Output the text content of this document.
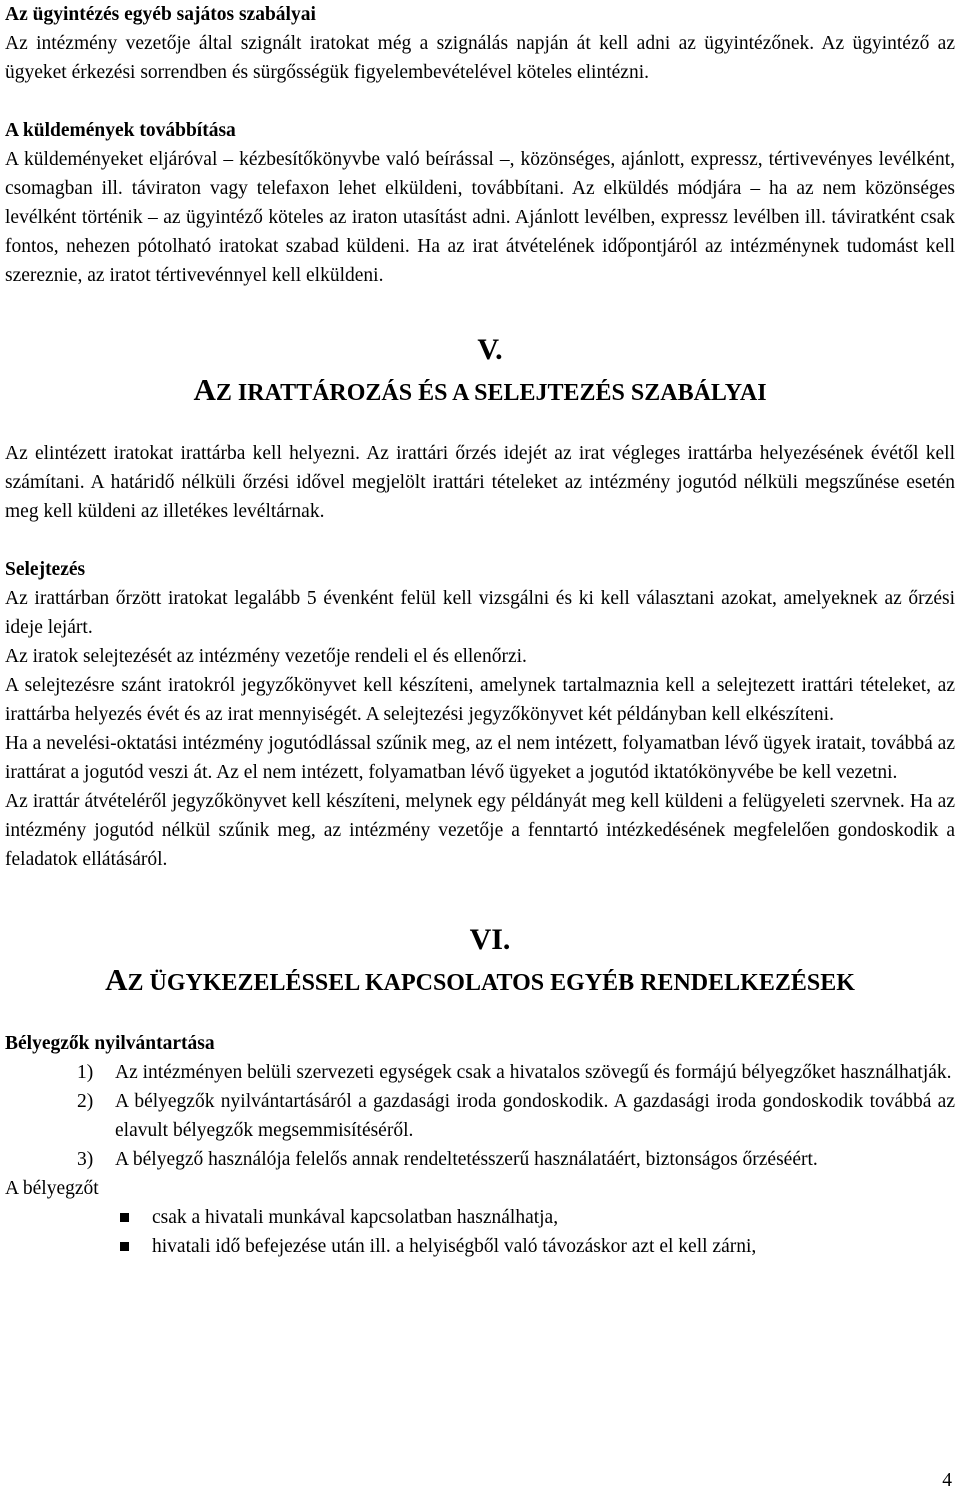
Az ügyintézés egyéb sajátos szabályai

Az intézmény vezetője által szignált iratokat még a szignálás napján át kell adni az ügyintézőnek. Az ügyintéző az ügyeket érkezési sorrendben és sürgősségük figyelembevételével köteles elintézni.

A küldemények továbbítása

A küldeményeket eljáróval – kézbesítőkönyvbe való beírással –, közönséges, ajánlott, expressz, tértivevényes levélként, csomagban ill. táviraton vagy telefaxon lehet elküldeni, továbbítani. Az elküldés módjára – ha az nem közönséges levélként történik – az ügyintéző köteles az iraton utasítást adni. Ajánlott levélben, expressz levélben ill. táviratként csak fontos, nehezen pótolható iratokat szabad küldeni. Ha az irat átvételének időpontjáról az intézménynek tudomást kell szereznie, az iratot tértivevénnyel kell elküldeni.

V.
AZ IRATTÁROZÁS ÉS A SELEJTEZÉS SZABÁLYAI

Az elintézett iratokat irattárba kell helyezni. Az irattári őrzés idejét az irat végleges irattárba helyezésének évétől kell számítani. A határidő nélküli őrzési idővel megjelölt irattári tételeket az intézmény jogutód nélküli megszűnése esetén meg kell küldeni az illetékes levéltárnak.

Selejtezés

Az irattárban őrzött iratokat legalább 5 évenként felül kell vizsgálni és ki kell választani azokat, amelyeknek az őrzési ideje lejárt.

Az iratok selejtezését az intézmény vezetője rendeli el és ellenőrzi.

A selejtezésre szánt iratokról jegyzőkönyvet kell készíteni, amelynek tartalmaznia kell a selejtezett irattári tételeket, az irattárba helyezés évét és az irat mennyiségét. A selejtezési jegyzőkönyvet két példányban kell elkészíteni.

Ha a nevelési-oktatási intézmény jogutódlással szűnik meg, az el nem intézett, folyamatban lévő ügyek iratait, továbbá az irattárat a jogutód veszi át. Az el nem intézett, folyamatban lévő ügyeket a jogutód iktatókönyvébe be kell vezetni.

Az irattár átvételéről jegyzőkönyvet kell készíteni, melynek egy példányát meg kell küldeni a felügyeleti szervnek. Ha az intézmény jogutód nélkül szűnik meg, az intézmény vezetője a fenntartó intézkedésének megfelelően gondoskodik a feladatok ellátásáról.

VI.
AZ ÜGYKEZELÉSSEL KAPCSOLATOS EGYÉB RENDELKEZÉSEK

Bélyegzők nyilvántartása

1) Az intézményen belüli szervezeti egységek csak a hivatalos szövegű és formájú bélyegzőket használhatják.
2) A bélyegzők nyilvántartásáról a gazdasági iroda gondoskodik. A gazdasági iroda gondoskodik továbbá az elavult bélyegzők megsemmisítéséről.
3) A bélyegző használója felelős annak rendeltetésszerű használatáért, biztonságos őrzéséért.

A bélyegzőt

csak a hivatali munkával kapcsolatban használhatja,
hivatali idő befejezése után ill. a helyiségből való távozáskor azt el kell zárni,
4
